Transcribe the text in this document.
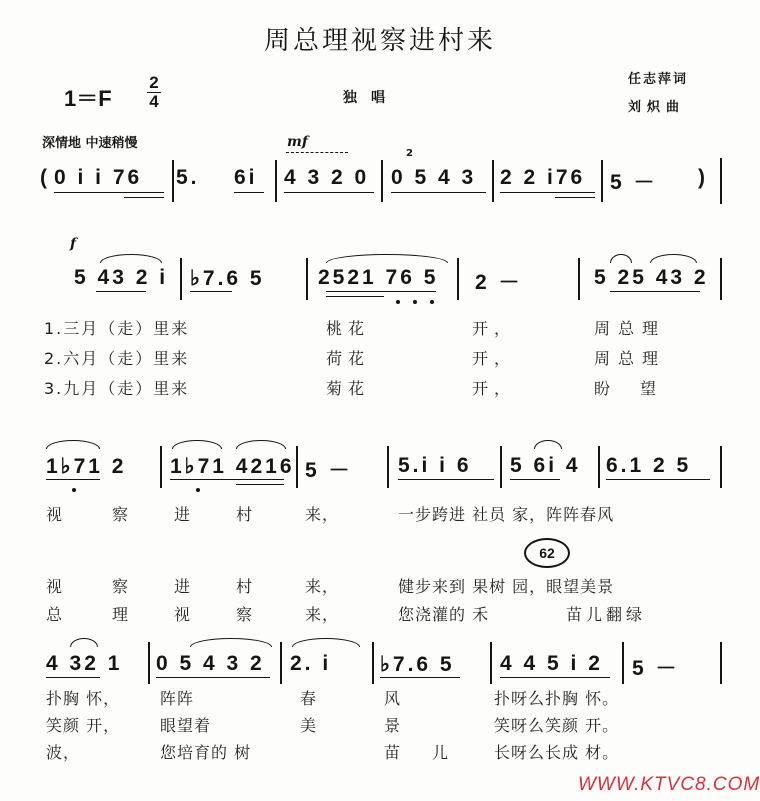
周总理视察进村来
1＝F
2
4	独唱
任志萍词
刘炽曲
深情地 中速稍慢	mf
( 0 i i 76 5. 6i 4 3 2 0
2
0 5 4 3 2 2 i76 5 － )
f
5 43 2 i ♭7.6 5	2521 76 5 2 －	5 25 43 2
1.三月（走）里来	桃花	开，	周总理
2.六月（走）里来	荷花	开，	周总理
3.九月（走）里来	菊花	开，	盼望
1♭71 2 1♭71 4216 5 － 5.i i 6 5 6i 4 6.1 2 5
视	察	进	村	来，	一步跨进 社员 家，阵阵春风
62
视	察	进	村	来，	健步来到 果树 园，眼望美景
总	理	视	察	来，	您浇灌的 禾	苗儿翻绿
4 32 1 0 5 4 3 2 2. i ♭7.6 5 4 4 5 i 2 5 －
扑胸 怀， 阵阵	春	风	扑呀么扑胸 怀。
笑颜 开， 眼望着	美	景	笑呀么笑颜 开。
波，	您培育的 树	苗 儿	长呀么长成 材。
WWW.KTVC8.COM
